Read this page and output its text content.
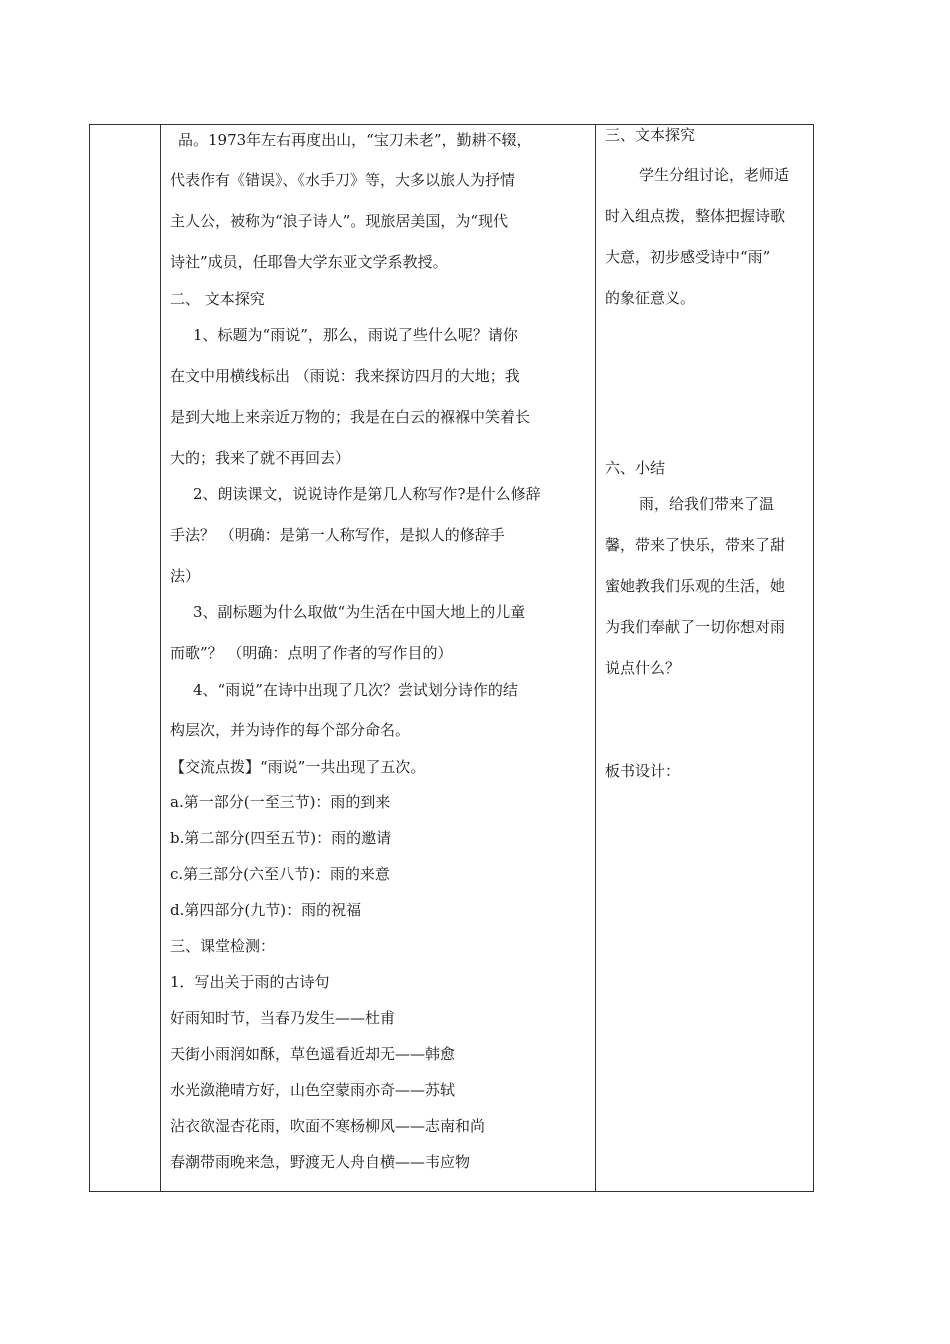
品。1973年左右再度出山，“宝刀未老”，勤耕不辍，
代表作有《错误》、《水手刀》等，大多以旅人为抒情
主人公，被称为“浪子诗人”。现旅居美国，为“现代
诗社”成员，任耶鲁大学东亚文学系教授。
二、 文本探究
1、标题为“雨说”，那么，雨说了些什么呢？请你
在文中用横线标出 （雨说：我来探访四月的大地；我
是到大地上来亲近万物的；我是在白云的褓褓中笑着长
大的；我来了就不再回去）
2、朗读课文，说说诗作是第几人称写作?是什么修辞
手法？ （明确：是第一人称写作，是拟人的修辞手
法）
3、副标题为什么取做“为生活在中国大地上的儿童
而歌”？ （明确：点明了作者的写作目的）
4、“雨说”在诗中出现了几次？尝试划分诗作的结
构层次，并为诗作的每个部分命名。
【交流点拨】“雨说”一共出现了五次。
a.第一部分(一至三节)：雨的到来
b.第二部分(四至五节)：雨的邀请
c.第三部分(六至八节)：雨的来意
d.第四部分(九节)：雨的祝福
三、课堂检测：
1．写出关于雨的古诗句
好雨知时节，当春乃发生——杜甫
天街小雨润如酥，草色遥看近却无——韩愈
水光潋滟晴方好，山色空蒙雨亦奇——苏轼
沾衣欲湿杏花雨，吹面不寒杨柳风——志南和尚
春潮带雨晚来急，野渡无人舟自横——韦应物
三、文本探究
学生分组讨论，老师适
时入组点拨，整体把握诗歌
大意，初步感受诗中“雨”
的象征意义。
六、小结
雨，给我们带来了温
馨，带来了快乐，带来了甜
蜜她教我们乐观的生活，她
为我们奉献了一切你想对雨
说点什么？
板书设计：
